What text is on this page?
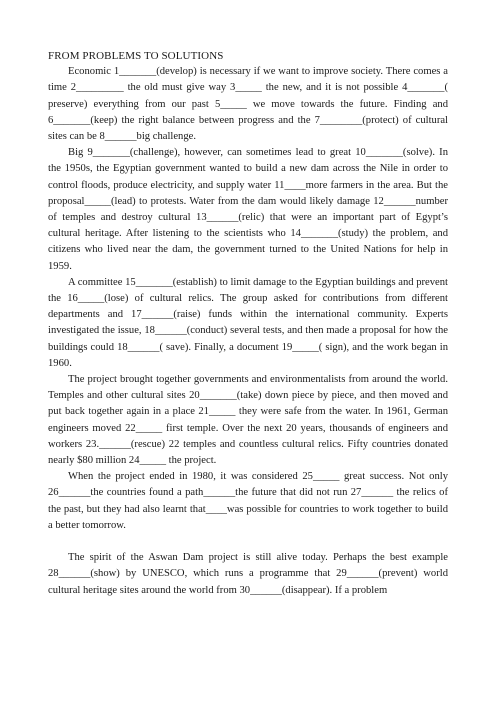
FROM PROBLEMS TO SOLUTIONS

Economic 1_______(develop) is necessary if we want to improve society. There comes a time 2_________ the old must give way 3_____ the new, and it is not possible 4_______( preserve) everything from our past 5_____ we move towards the future. Finding and 6_______(keep) the right balance between progress and the 7________(protect) of cultural sites can be 8______big challenge.

Big 9_______(challenge), however, can sometimes lead to great 10_______(solve). In the 1950s, the Egyptian government wanted to build a new dam across the Nile in order to control floods, produce electricity, and supply water 11____more farmers in the area. But the proposal_____(lead) to protests. Water from the dam would likely damage 12______number of temples and destroy cultural 13______(relic) that were an important part of Egypt’s cultural heritage. After listening to the scientists who 14_______(study) the problem, and citizens who lived near the dam, the government turned to the United Nations for help in 1959.

A committee 15_______(establish) to limit damage to the Egyptian buildings and prevent the 16_____(lose) of cultural relics. The group asked for contributions from different departments and 17______(raise) funds within the international community. Experts investigated the issue, 18______(conduct) several tests, and then made a proposal for how the buildings could 18______( save). Finally, a document 19_____( sign), and the work began in 1960.

The project brought together governments and environmentalists from around the world. Temples and other cultural sites 20_______(take) down piece by piece, and then moved and put back together again in a place 21_____ they were safe from the water. In 1961, German engineers moved 22_____ first temple. Over the next 20 years, thousands of engineers and workers 23.______(rescue) 22 temples and countless cultural relics. Fifty countries donated nearly $80 million 24_____ the project.

When the project ended in 1980, it was considered 25_____ great success. Not only 26______the countries found a path______the future that did not run 27______ the relics of the past, but they had also learnt that____was possible for countries to work together to build a better tomorrow.

The spirit of the Aswan Dam project is still alive today. Perhaps the best example 28______(show) by UNESCO, which runs a programme that 29______(prevent) world cultural heritage sites around the world from 30______(disappear). If a problem
